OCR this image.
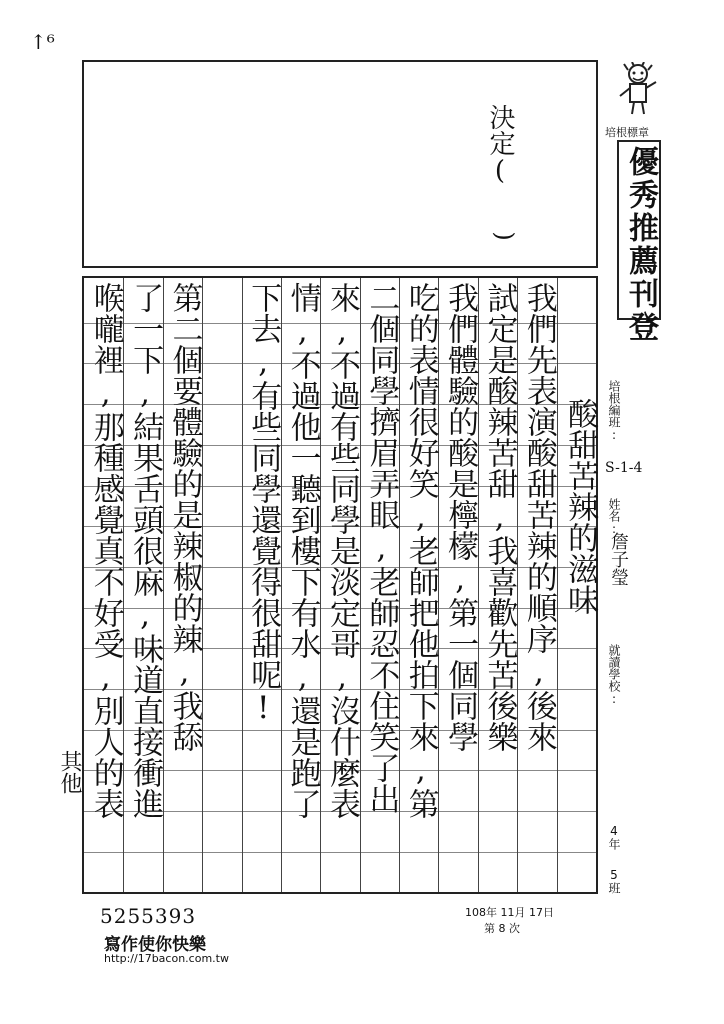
↑⁶
決定(
)
培根標章
優秀推薦刊登
我們先表演酸甜苦辣的順序,後來
試定是酸辣苦甜,我喜歡先苦後樂
我們體驗的酸是檸檬,第一個同學
吃的表情很好笑,老師把他拍下來,第
二個同學擠眉弄眼,老師忍不住笑了出
來,不過有些同學是淡定哥,沒什麼表
情,不過他一聽到樓下有水,還是跑了
下去,有些同學還覺得很甜呢!
第二個要體驗的是辣椒的辣,我舔
了一下,結果舌頭很麻,味道直接衝進
喉嚨裡,那種感覺真不好受,別人的表	酸甜苦辣的滋味
其他
培根編班:
S-1-4
姓名:
詹子瑩
就讀學校:
4年
5班
5255393
寫作使你快樂
http://17bacon.com.tw
108年 11月 17日
第 8 次
